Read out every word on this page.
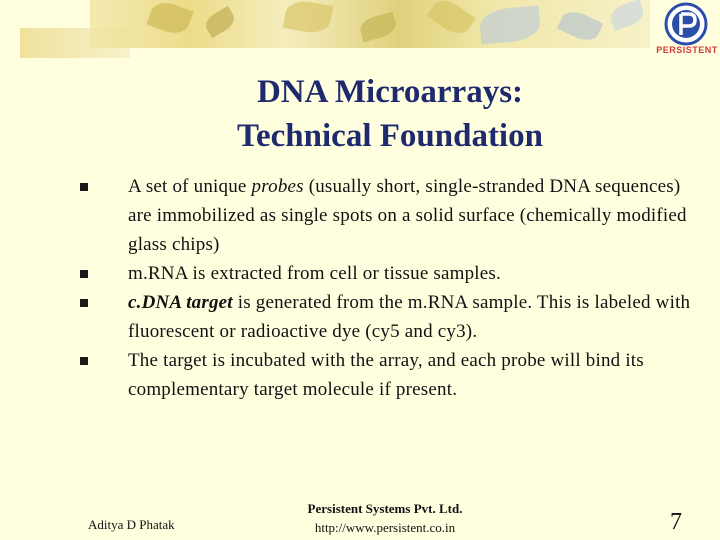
PERSISTENT
DNA Microarrays:
Technical Foundation
A set of unique probes (usually short, single-stranded DNA sequences) are immobilized as single spots on a solid surface (chemically modified glass chips)
m.RNA is extracted from cell or tissue samples.
c.DNA target is generated from the m.RNA sample. This is labeled with fluorescent or radioactive dye (cy5 and cy3).
The target is incubated with the array, and each probe will bind its complementary target molecule if present.
Aditya D Phatak
Persistent Systems Pvt. Ltd.
http://www.persistent.co.in	7
